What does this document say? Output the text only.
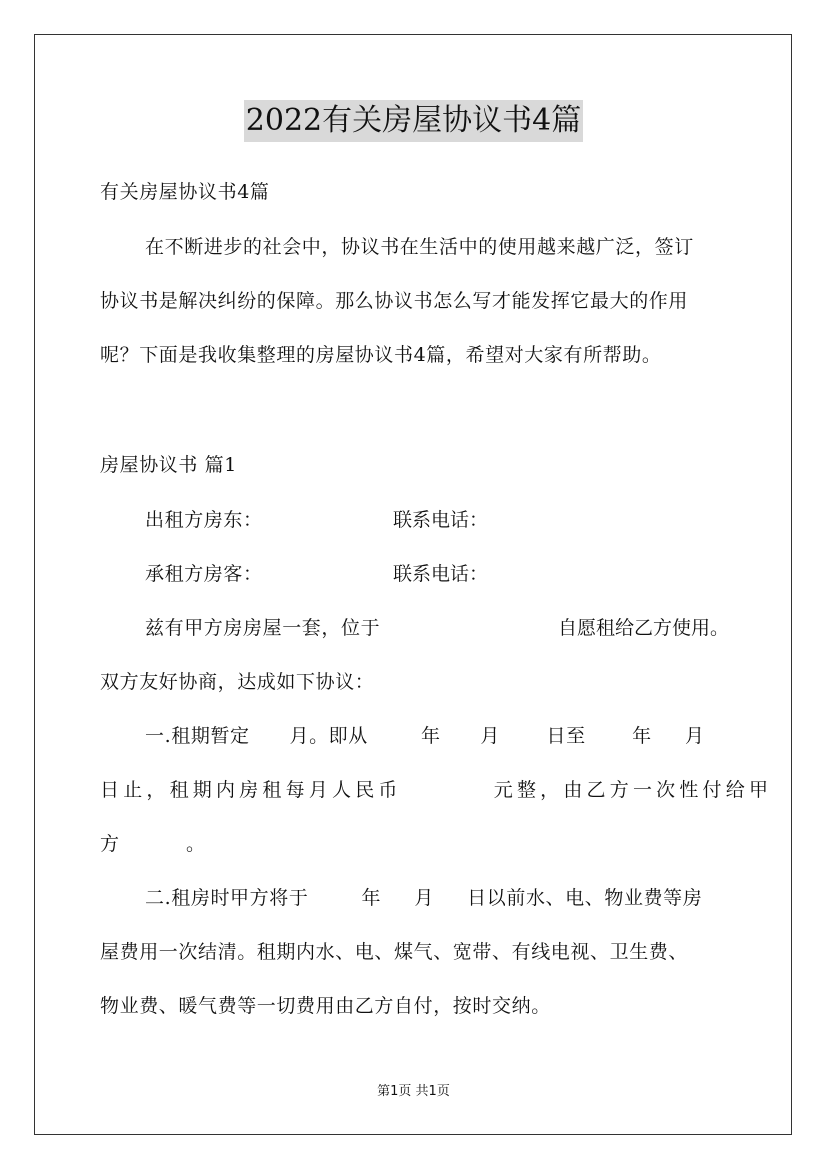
2022有关房屋协议书4篇
有关房屋协议书4篇
在不断进步的社会中，协议书在生活中的使用越来越广泛，签订
协议书是解决纠纷的保障。那么协议书怎么写才能发挥它最大的作用
呢？下面是我收集整理的房屋协议书4篇，希望对大家有所帮助。
房屋协议书 篇1
出租方房东：	联系电话：
承租方房客：	联系电话：
兹有甲方房房屋一套，位于	自愿租给乙方使用。
双方友好协商，达成如下协议：
一.租期暂定      月。即从        年      月       日至       年     月
日止，租期内房租每月人民币         元整，由乙方一次性付给甲
方          。
二.租房时甲方将于        年     月     日以前水、电、物业费等房
屋费用一次结清。租期内水、电、煤气、宽带、有线电视、卫生费、
物业费、暖气费等一切费用由乙方自付，按时交纳。
第1页 共1页
